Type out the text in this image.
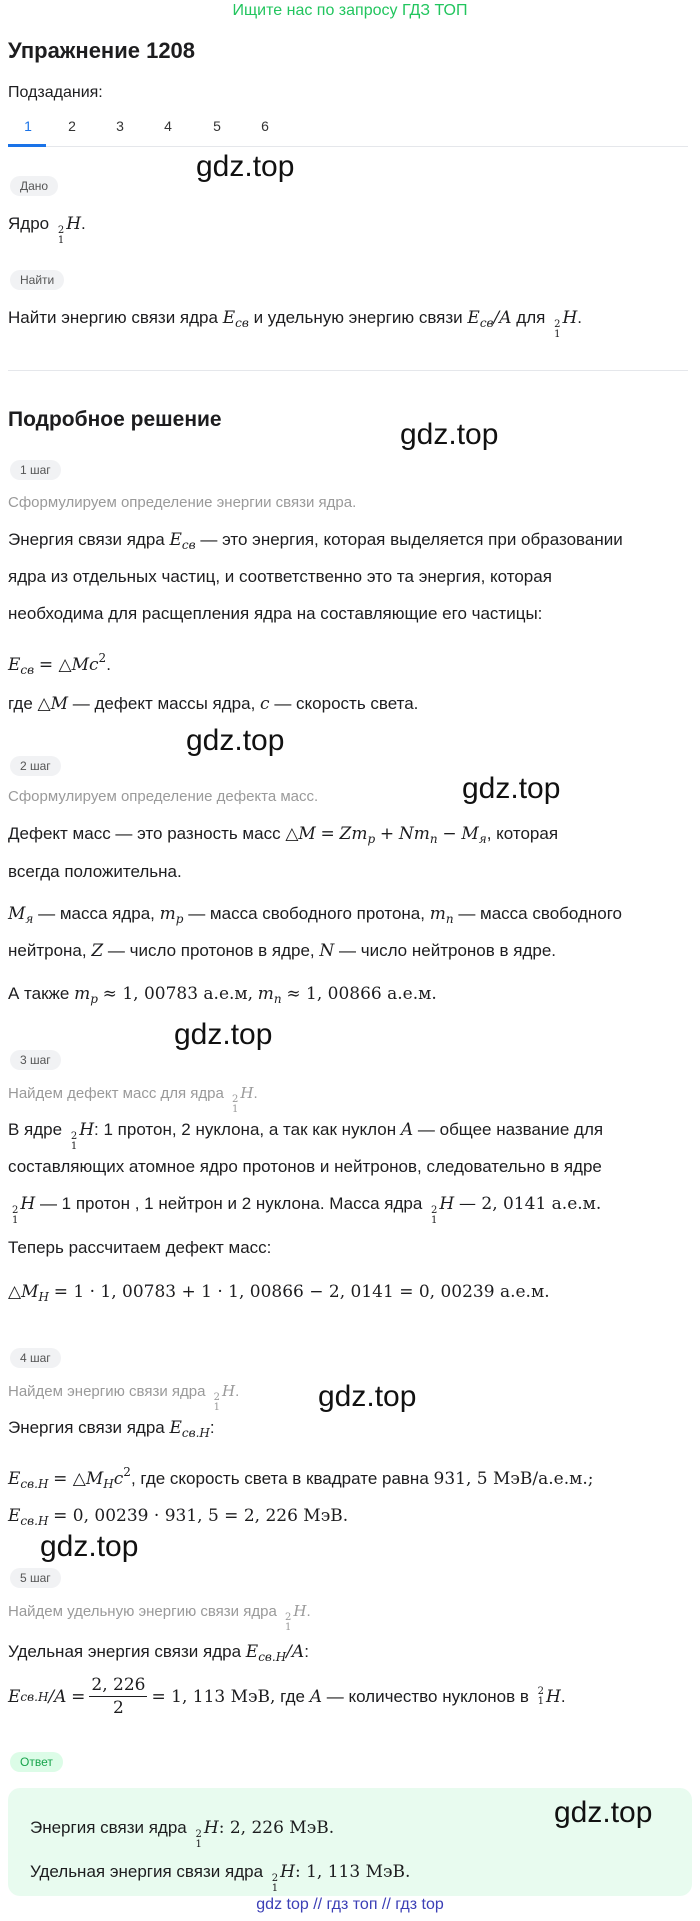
Ищите нас по запросу ГДЗ ТОП
Упражнение 1208
Подзадания:
1	2	3	4	5	6
gdz.top
Дано
Ядро 2
1
H.
Найти
Найти энергию связи ядра $E_{св}$ и удельную энергию связи $E_{св}/A$ для 2
1
H.
Подробное решение	gdz.top
1 шаг
Сформулируем определение энергии связи ядра.
Энергия связи ядра $E_{св}$ — это энергия, которая выделяется при образовании
ядра из отдельных частиц, и соответственно это та энергия, которая
необходима для расщепления ядра на составляющие его частицы:
$E_{св}$ = $\triangle Mc^2$.
где △M — дефект массы ядра, c — скорость света.
gdz.top
2 шаг
gdz.top
Сформулируем определение дефекта масс.
Дефект масс — это разность масс △M = $Zm_p + Nm_n - M_я$, которая
всегда положительна.
$M_я$ — масса ядра, $m_p$ — масса свободного протона, $m_n$ — масса свободного
нейтрона, Z — число протонов в ядре, N — число нейтронов в ядре.
А также $m_p \approx 1$, 00783 а.е.м, $m_n \approx 1$, 00866 а.е.м.
gdz.top
3 шаг
Найдем дефект масс для ядра 2
1
H.
В ядре 2
1
H: 1 протон, 2 нуклона, а так как нуклон A — общее название для
составляющих атомное ядро протонов и нейтронов, следовательно в ядре
2
1
H — 1 протон , 1 нейтрон и 2 нуклона. Масса ядра 2
1
H — 2, 0141 а.е.м.
Теперь рассчитаем дефект масс:
$\triangle M_H = 1 \cdot 1$, 00783 + 1 · 1, 00866 − 2, 0141 = 0, 00239 а.е.м.
4 шаг
Найдем энергию связи ядра 2
1
H.	gdz.top
Энергия связи ядра $E_{св.H}$:
$E_{св.H}$ = $\triangle M_Hc^2$, где скорость света в квадрате равна 931, 5 МэВ/а.е.м.;
$E_{св.H} = 0$, 00239 · 931, 5 = 2, 226 МэВ.
gdz.top
5 шаг
Найдем удельную энергию связи ядра 2
1
H.
Удельная энергия связи ядра $E_{св.H}/A$:
E св.H /A
= $\frac{2, 226}{2} = 1$, 113 МэВ,
где
A
— количество нуклонов в
2
1 H .
Ответ
gdz.top
Энергия связи ядра 2
1
H: 2, 226 МэВ.
Удельная энергия связи ядра 2
1
H: 1, 113 МэВ.
gdz top // гдз топ // гдз top
